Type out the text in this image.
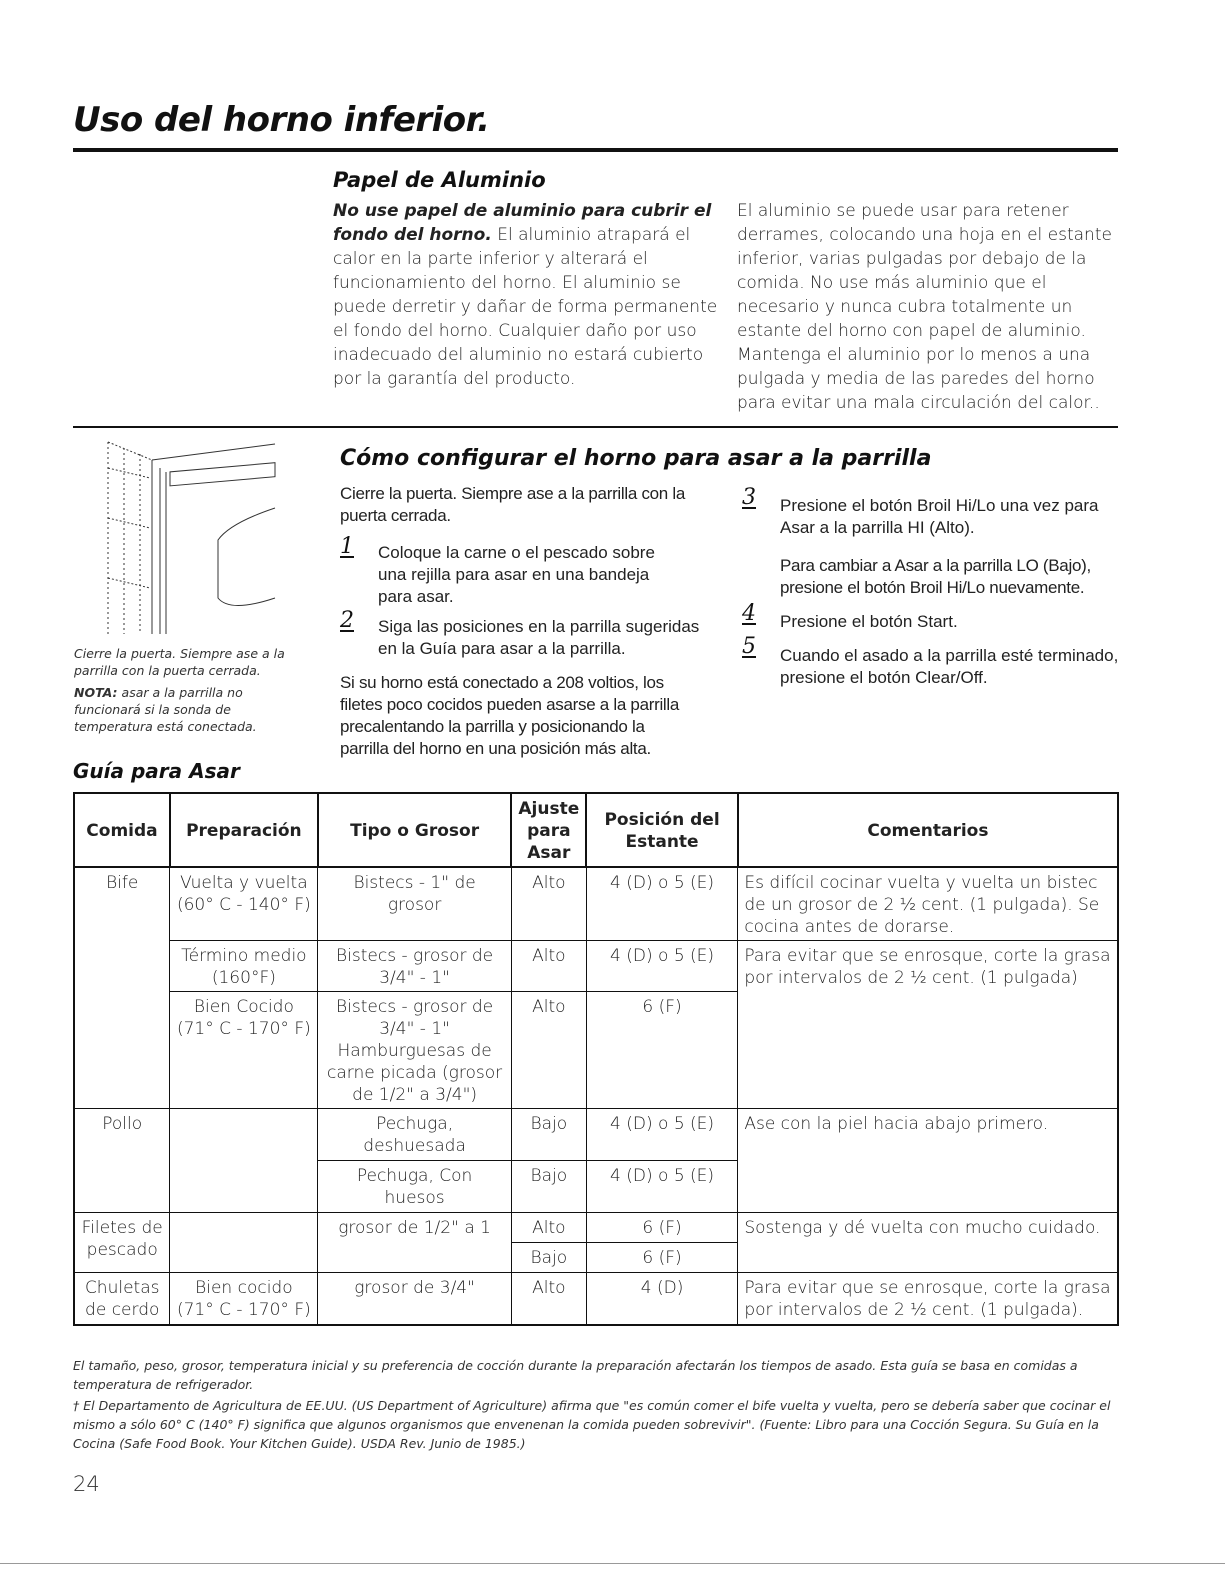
Uso del horno inferior.
Papel de Aluminio

No use papel de aluminio para cubrir el fondo del horno. El aluminio atrapará el calor en la parte inferior y alterará el funcionamiento del horno. El aluminio se puede derretir y dañar de forma permanente el fondo del horno. Cualquier daño por uso inadecuado del aluminio no estará cubierto por la garantía del producto.

El aluminio se puede usar para retener derrames, colocando una hoja en el estante inferior, varias pulgadas por debajo de la comida. No use más aluminio que el necesario y nunca cubra totalmente un estante del horno con papel de aluminio. Mantenga el aluminio por lo menos a una pulgada y media de las paredes del horno para evitar una mala circulación del calor..

Cierre la puerta. Siempre ase a la parrilla con la puerta cerrada.

NOTA: asar a la parrilla no funcionará si la sonda de temperatura está conectada.

Cómo configurar el horno para asar a la parrilla

Cierre la puerta. Siempre ase a la parrilla con la puerta cerrada.

1	Coloque la carne o el pescado sobre una rejilla para asar en una bandeja para asar.
2	Siga las posiciones en la parrilla sugeridas en la Guía para asar a la parrilla.

Si su horno está conectado a 208 voltios, los filetes poco cocidos pueden asarse a la parrilla precalentando la parrilla y posicionando la parrilla del horno en una posición más alta.

3	Presione el botón Broil Hi/Lo una vez para Asar a la parrilla HI (Alto).

Para cambiar a Asar a la parrilla LO (Bajo), presione el botón Broil Hi/Lo nuevamente.

4	Presione el botón Start.
5	Cuando el asado a la parrilla esté terminado, presione el botón Clear/Off.
Guía para Asar
Comida	Preparación	Tipo o Grosor	Ajuste para Asar	Posición del Estante	Comentarios
Bife	Vuelta y vuelta (60° C - 140° F)	Bistecs - 1" de grosor	Alto	4 (D) o 5 (E)	Es difícil cocinar vuelta y vuelta un bistec de un grosor de 2 ½ cent. (1 pulgada). Se cocina antes de dorarse.
	Término medio (160°F)	Bistecs - grosor de 3/4" - 1"	Alto	4 (D) o 5 (E)	Para evitar que se enrosque, corte la grasa por intervalos de 2 ½ cent. (1 pulgada)
	Bien Cocido (71° C - 170° F)	Bistecs - grosor de 3/4" - 1" Hamburguesas de carne picada (grosor de 1/2" a 3/4")	Alto	6 (F)	
Pollo		Pechuga, deshuesada	Bajo	4 (D) o 5 (E)	Ase con la piel hacia abajo primero.
		Pechuga, Con huesos	Bajo	4 (D) o 5 (E)	
Filetes de pescado		grosor de 1/2" a 1	Alto	6 (F)	Sostenga y dé vuelta con mucho cuidado.
			Bajo	6 (F)	
Chuletas de cerdo	Bien cocido (71° C - 170° F)	grosor de 3/4"	Alto	4 (D)	Para evitar que se enrosque, corte la grasa por intervalos de 2 ½ cent. (1 pulgada).

El tamaño, peso, grosor, temperatura inicial y su preferencia de cocción durante la preparación afectarán los tiempos de asado. Esta guía se basa en comidas a temperatura de refrigerador.

† El Departamento de Agricultura de EE.UU. (US Department of Agriculture) afirma que "es común comer el bife vuelta y vuelta, pero se debería saber que cocinar el mismo a sólo 60° C (140° F) significa que algunos organismos que envenenan la comida pueden sobrevivir". (Fuente: Libro para una Cocción Segura. Su Guía en la Cocina (Safe Food Book. Your Kitchen Guide). USDA Rev. Junio de 1985.)

24
